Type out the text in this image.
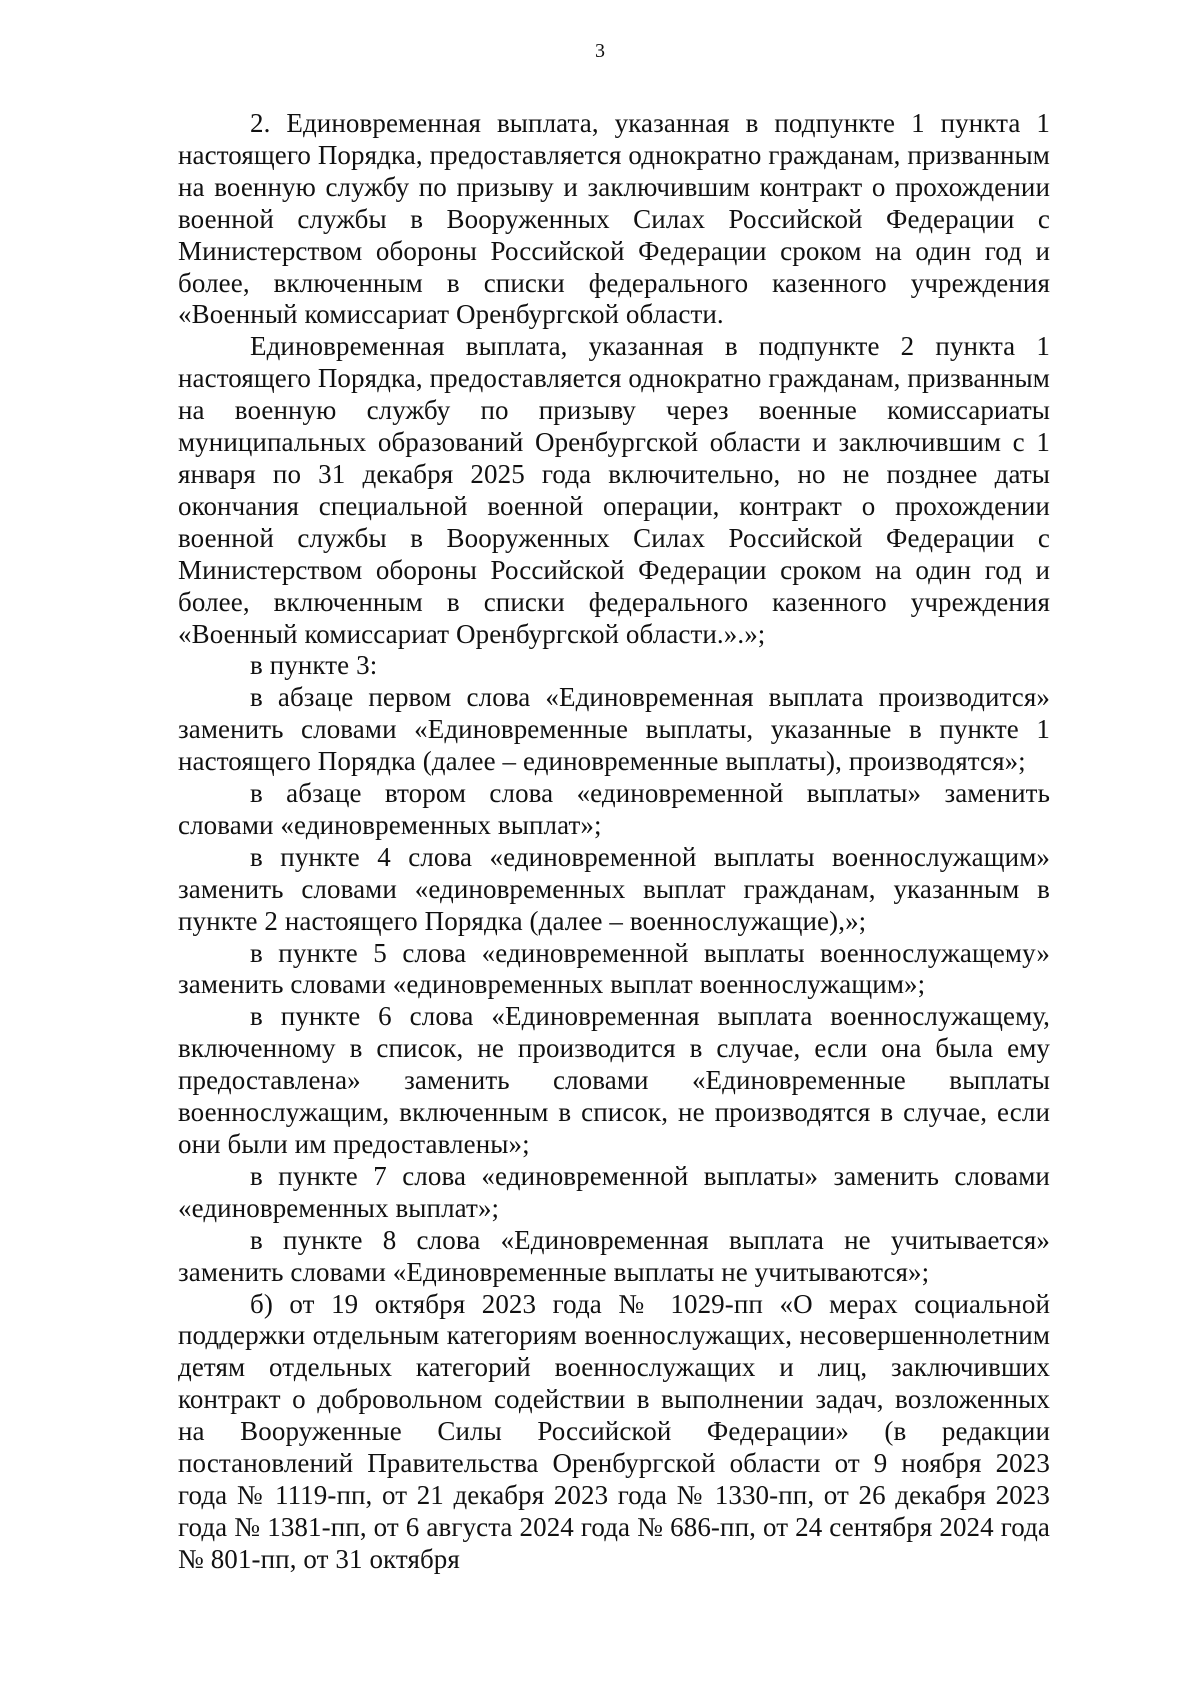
3

2. Единовременная выплата, указанная в подпункте 1 пункта 1 настоящего Порядка, предоставляется однократно гражданам, призванным на военную службу по призыву и заключившим контракт о прохождении военной службы в Вооруженных Силах Российской Федерации с Министерством обороны Российской Федерации сроком на один год и более, включенным в списки федерального казенного учреждения «Военный комиссариат Оренбургской области.

Единовременная выплата, указанная в подпункте 2 пункта 1 настоящего Порядка, предоставляется однократно гражданам, призванным на военную службу по призыву через военные комиссариаты муниципальных образований Оренбургской области и заключившим с 1 января по 31 декабря 2025 года включительно, но не позднее даты окончания специальной военной операции, контракт о прохождении военной службы в Вооруженных Силах Российской Федерации с Министерством обороны Российской Федерации сроком на один год и более, включенным в списки федерального казенного учреждения «Военный комиссариат Оренбургской области.».»;

в пункте 3:

в абзаце первом слова «Единовременная выплата производится» заменить словами «Единовременные выплаты, указанные в пункте 1 настоящего Порядка (далее – единовременные выплаты), производятся»;

в абзаце втором слова «единовременной выплаты» заменить словами «единовременных выплат»;

в пункте 4 слова «единовременной выплаты военнослужащим» заменить словами «единовременных выплат гражданам, указанным в пункте 2 настоящего Порядка (далее – военнослужащие),»;

в пункте 5 слова «единовременной выплаты военнослужащему» заменить словами «единовременных выплат военнослужащим»;

в пункте 6 слова «Единовременная выплата военнослужащему, включенному в список, не производится в случае, если она была ему предоставлена» заменить словами «Единовременные выплаты военнослужащим, включенным в список, не производятся в случае, если они были им предоставлены»;

в пункте 7 слова «единовременной выплаты» заменить словами «единовременных выплат»;

в пункте 8 слова «Единовременная выплата не учитывается» заменить словами «Единовременные выплаты не учитываются»;

б) от 19 октября 2023 года № 1029-пп «О мерах социальной поддержки отдельным категориям военнослужащих, несовершеннолетним детям отдельных категорий военнослужащих и лиц, заключивших контракт о добровольном содействии в выполнении задач, возложенных на Вооруженные Силы Российской Федерации» (в редакции постановлений Правительства Оренбургской области от 9 ноября 2023 года № 1119-пп, от 21 декабря 2023 года № 1330-пп, от 26 декабря 2023 года № 1381-пп, от 6 августа 2024 года № 686-пп, от 24 сентября 2024 года № 801-пп, от 31 октября
